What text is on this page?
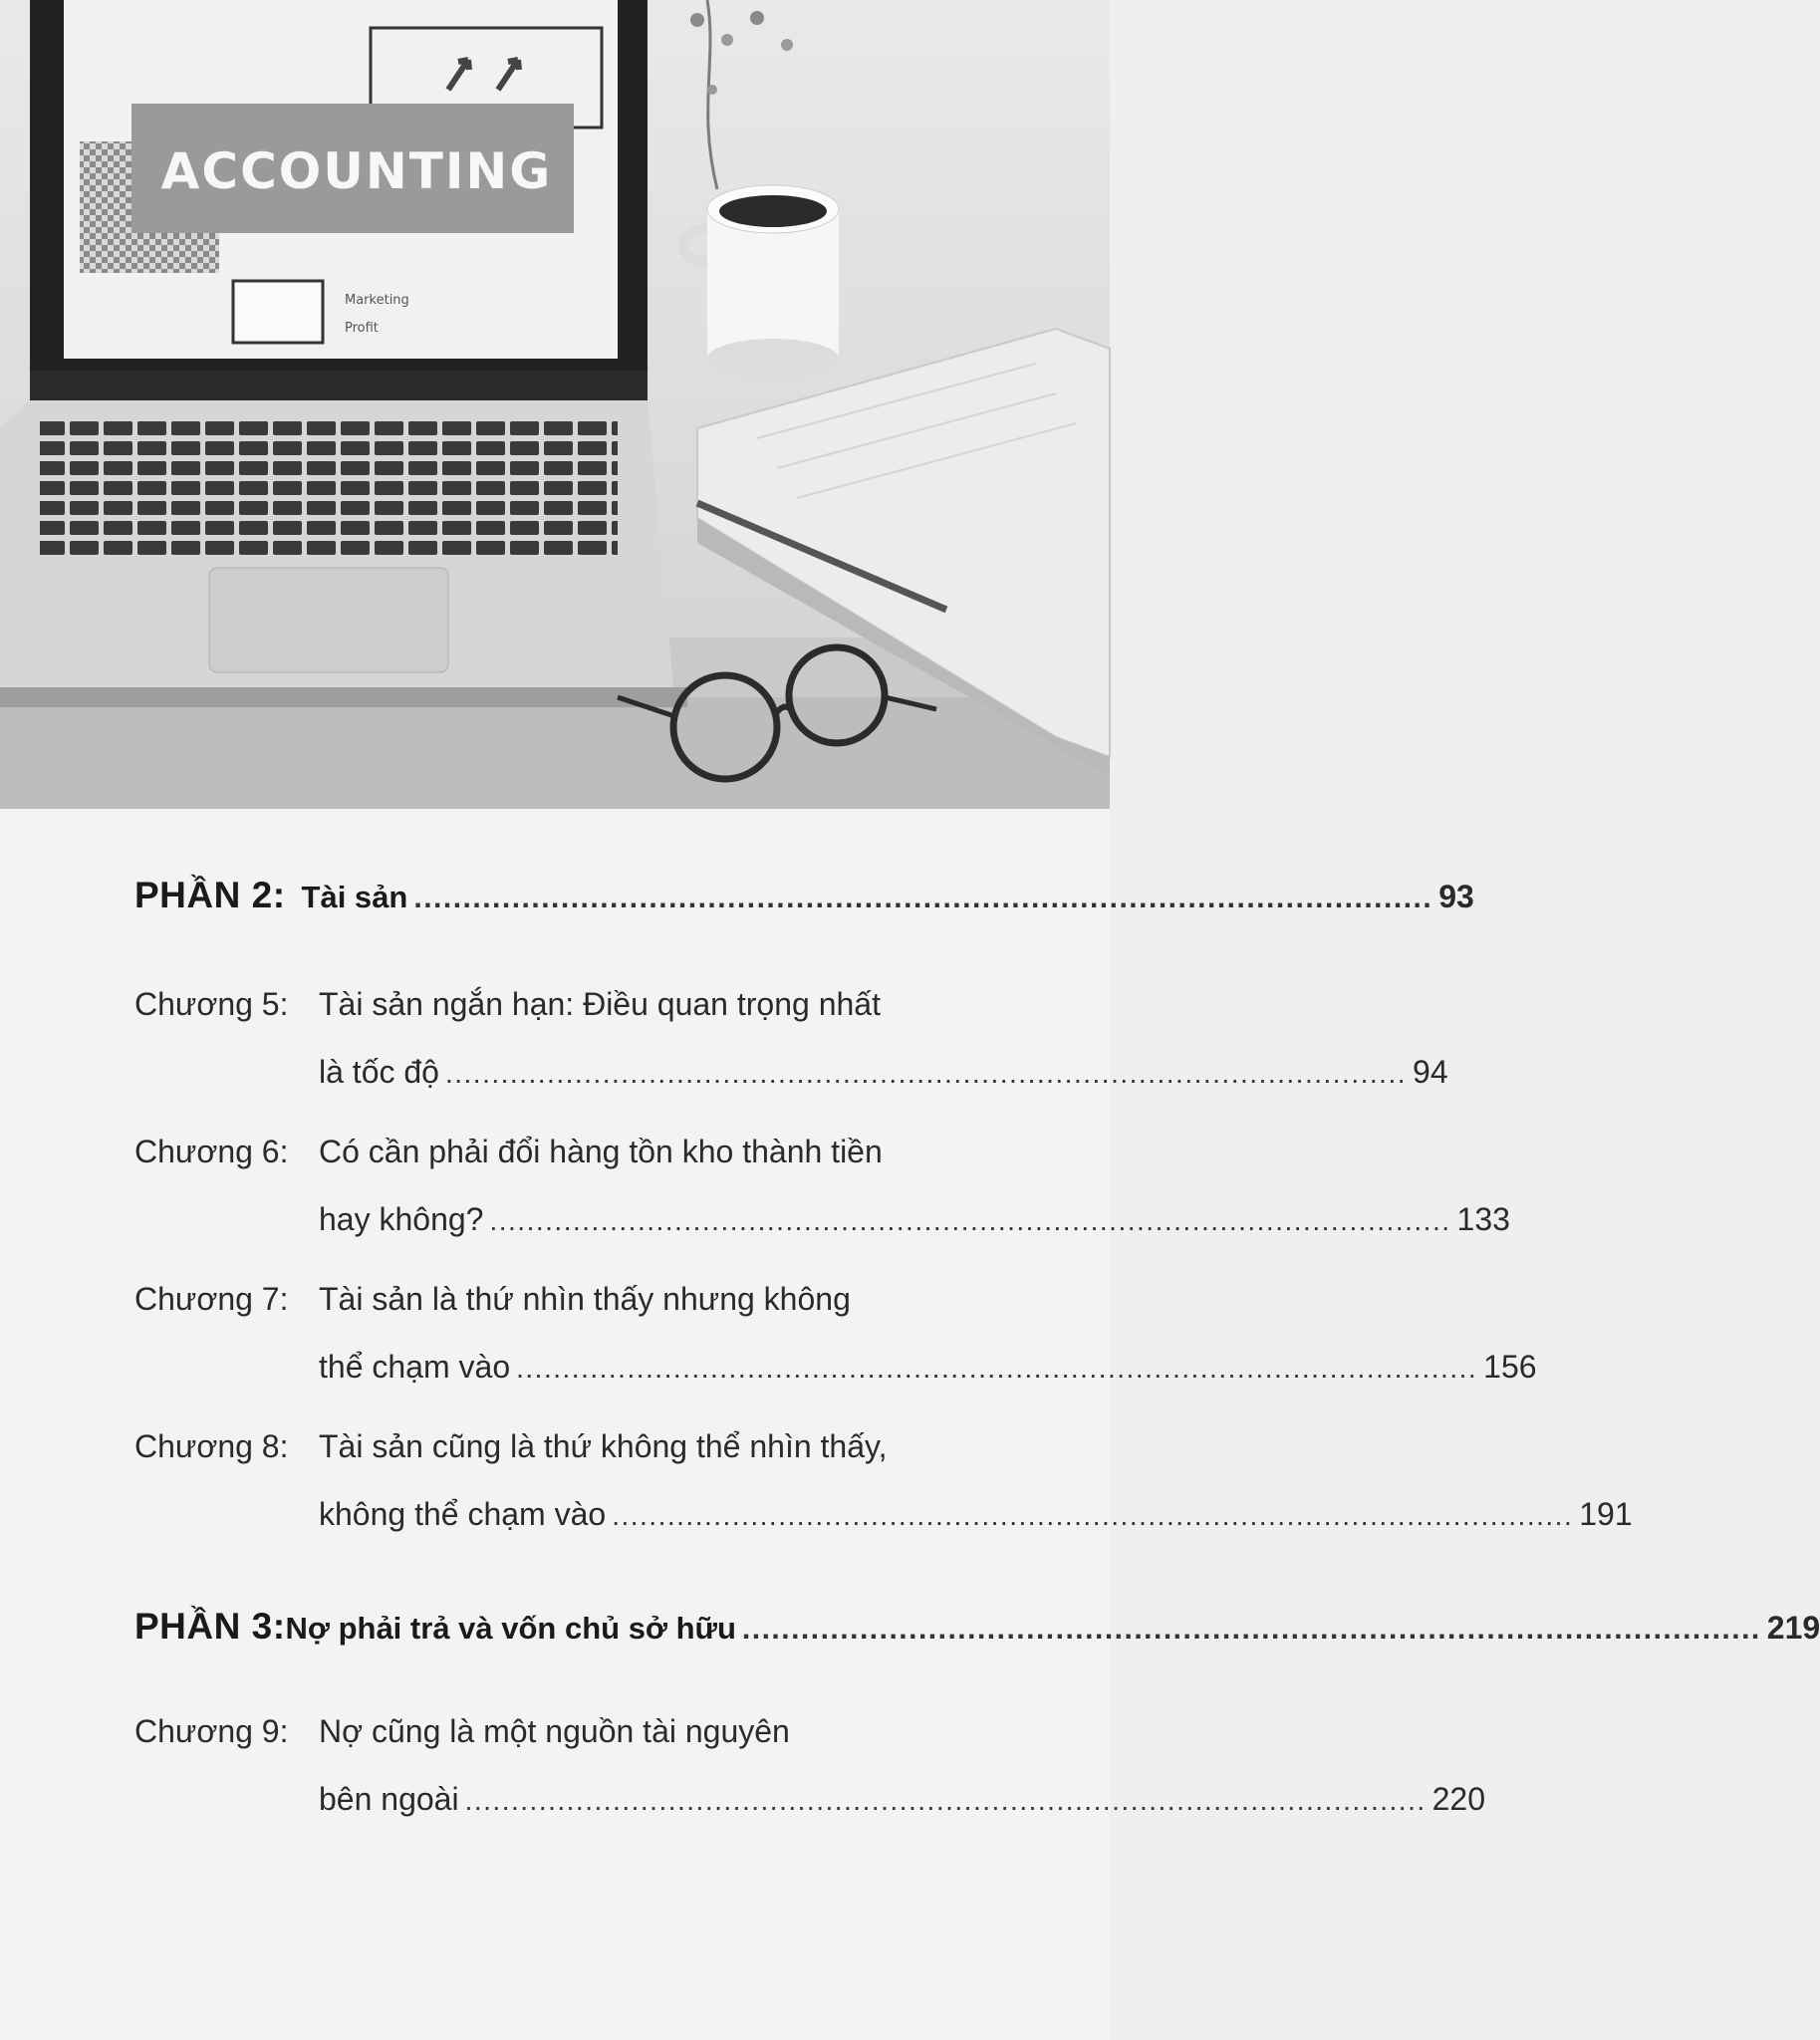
ACCOUNTING
Marketing
Profit
PHẦN 2: Tài sản ........................................................................................................ 93
Chương 5: Tài sản ngắn hạn: Điều quan trọng nhất
là tốc độ ........................................................................................................ 94
Chương 6: Có cần phải đổi hàng tồn kho thành tiền
hay không? ........................................................................................................ 133
Chương 7: Tài sản là thứ nhìn thấy nhưng không
thể chạm vào ........................................................................................................ 156
Chương 8: Tài sản cũng là thứ không thể nhìn thấy,
không thể chạm vào ........................................................................................................ 191
PHẦN 3: Nợ phải trả và vốn chủ sở hữu ........................................................................................................ 219
Chương 9: Nợ cũng là một nguồn tài nguyên
bên ngoài ........................................................................................................ 220
